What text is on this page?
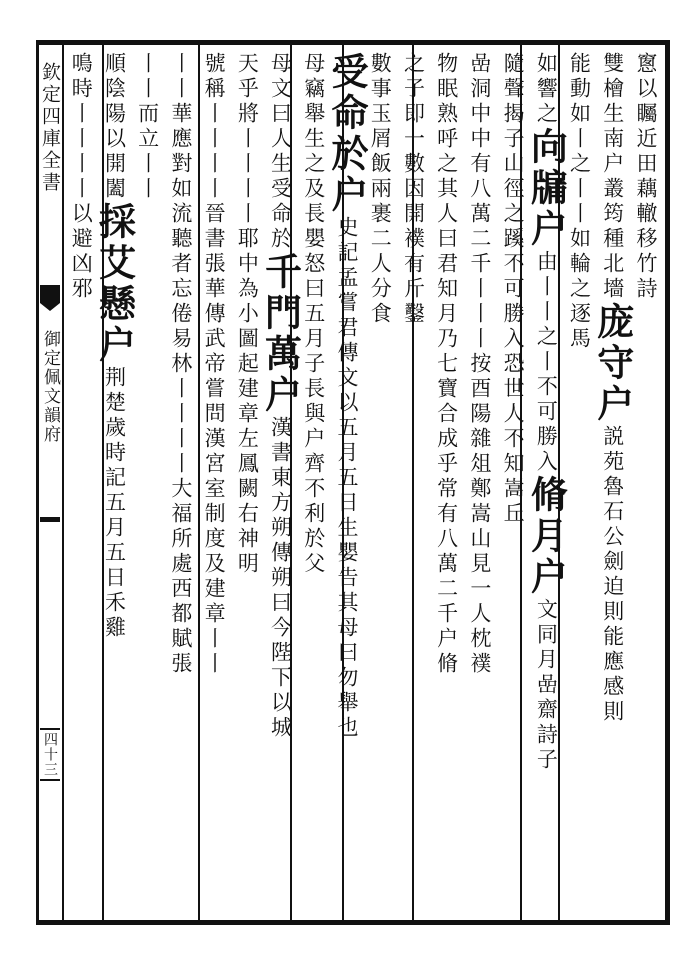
欽定四庫全書
御定佩文韻府
四十三
窻以矚近田藕轍移竹詩
雙檜生南户叢筠種北墻庞守户説苑魯石公劍迫則能應感則
能動如丨之丨丨如輪之逐馬
如響之向牖户由丨丨之丨不可勝入脩月户文同月嵒齋詩子
隨聲揭子山徑之蹊不可勝入恐世人不知嵩丘
嵒洞中中有八萬二千丨丨丨按酉陽雜俎鄭嵩山見一人枕襆
物眠熟呼之其人曰君知月乃七寶合成乎常有八萬二千户脩
之子即一數因開襆有斤鑿
數事玉屑飯兩裹二人分食
受命於户史記孟嘗君傳文以五月五日生嬰告其母曰勿舉也
母竊舉生之及長嬰怒曰五月子長與户齊不利於父
母文曰人生受命於千門萬户漢書東方朔傳朔曰今陛下以城
天乎將丨丨丨丨耶中為小圖起建章左鳳闕右神明
號稱丨丨丨丨晉書張華傳武帝嘗問漢宮室制度及建章丨丨
丨丨華應對如流聽者忘倦易林丨丨丨丨大福所處西都賦張
丨丨而立丨丨
順陰陽以開闔採艾懸户荆楚歲時記五月五日禾雞
鳴時丨丨丨丨以避凶邪
